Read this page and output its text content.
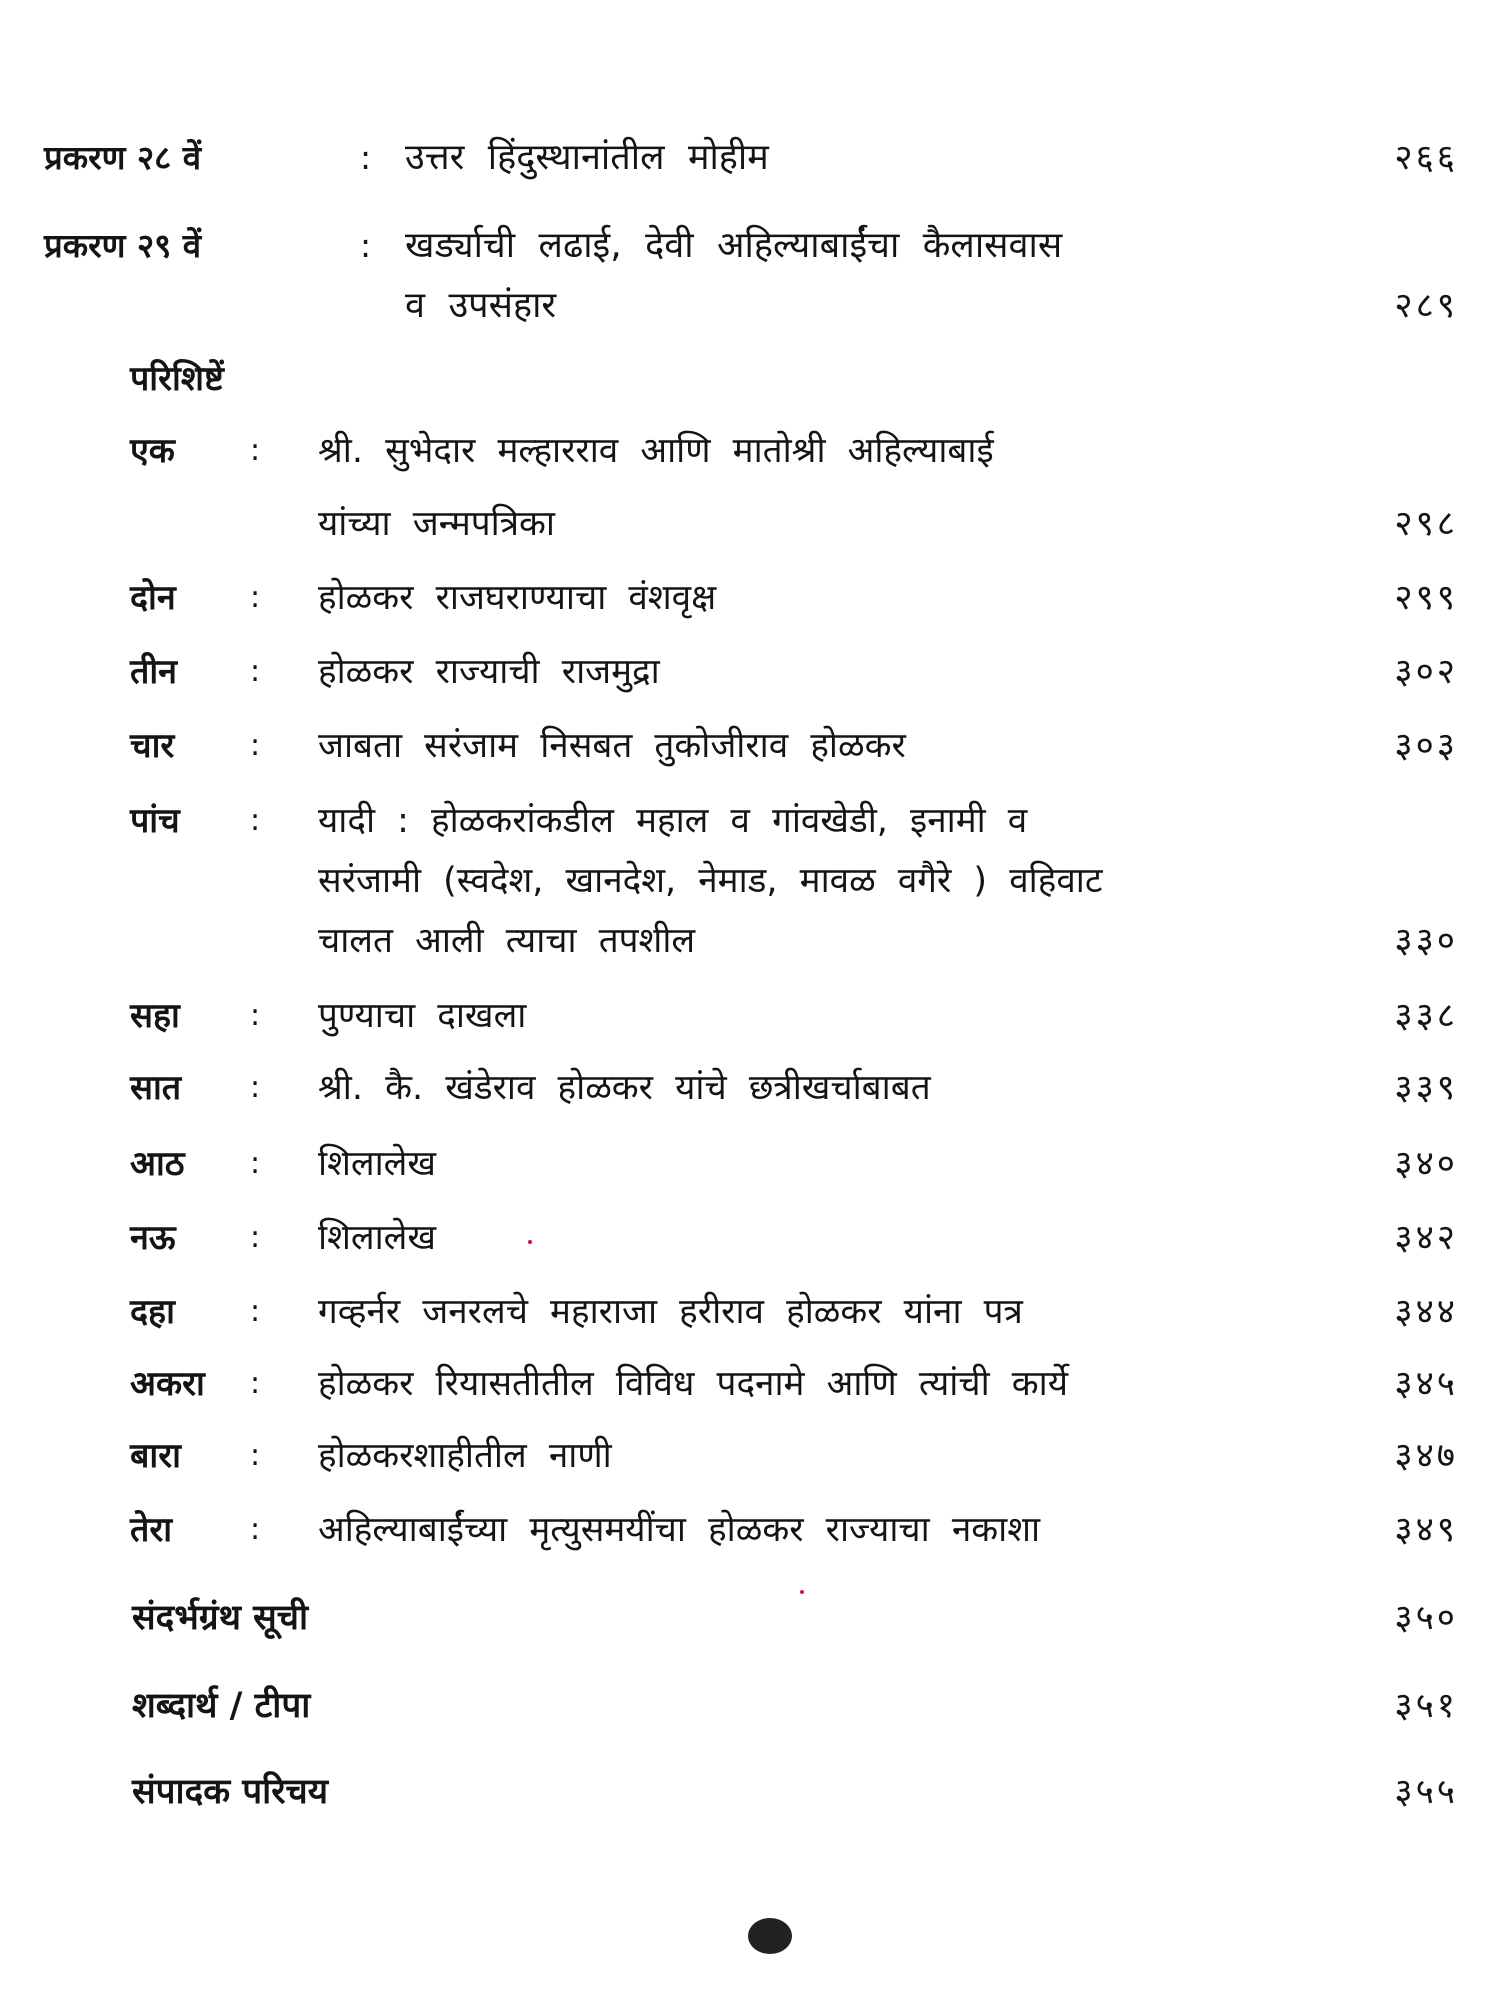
प्रकरण २८ वें	: उत्तर हिंदुस्थानांतील मोहीम	२६६
प्रकरण २९ वें	: खर्ड्याची लढाई, देवी अहिल्याबाईंचा कैलासवास
व उपसंहार	२८९
परिशिष्टें
एक	: श्री. सुभेदार मल्हारराव आणि मातोश्री अहिल्याबाई
यांच्या जन्मपत्रिका	२९८
दोन : होळकर राजघराण्याचा वंशवृक्ष	२९९
तीन : होळकर राज्याची राजमुद्रा	३०२
चार	: जाबता सरंजाम निसबत तुकोजीराव होळकर	३०३
पांच : यादी : होळकरांकडील महाल व गांवखेडी, इनामी व
सरंजामी (स्वदेश, खानदेश, नेमाड, मावळ वगैरे ) वहिवाट
चालत आली त्याचा तपशील	३३०
सहा : पुण्याचा दाखला	३३८
सात : श्री. कै. खंडेराव होळकर यांचे छत्रीखर्चाबाबत	३३९
आठ : शिलालेख	३४०
नऊ : शिलालेख	३४२
दहा	: गव्हर्नर जनरलचे महाराजा हरीराव होळकर यांना पत्र	३४४
अकरा : होळकर रियासतीतील विविध पदनामे आणि त्यांची कार्ये	३४५
बारा : होळकरशाहीतील नाणी	३४७
तेरा	: अहिल्याबाईंच्या मृत्युसमयींचा होळकर राज्याचा नकाशा	३४९
संदर्भग्रंथ सूची	३५०
शब्दार्थ / टीपा	३५१
संपादक परिचय	३५५
